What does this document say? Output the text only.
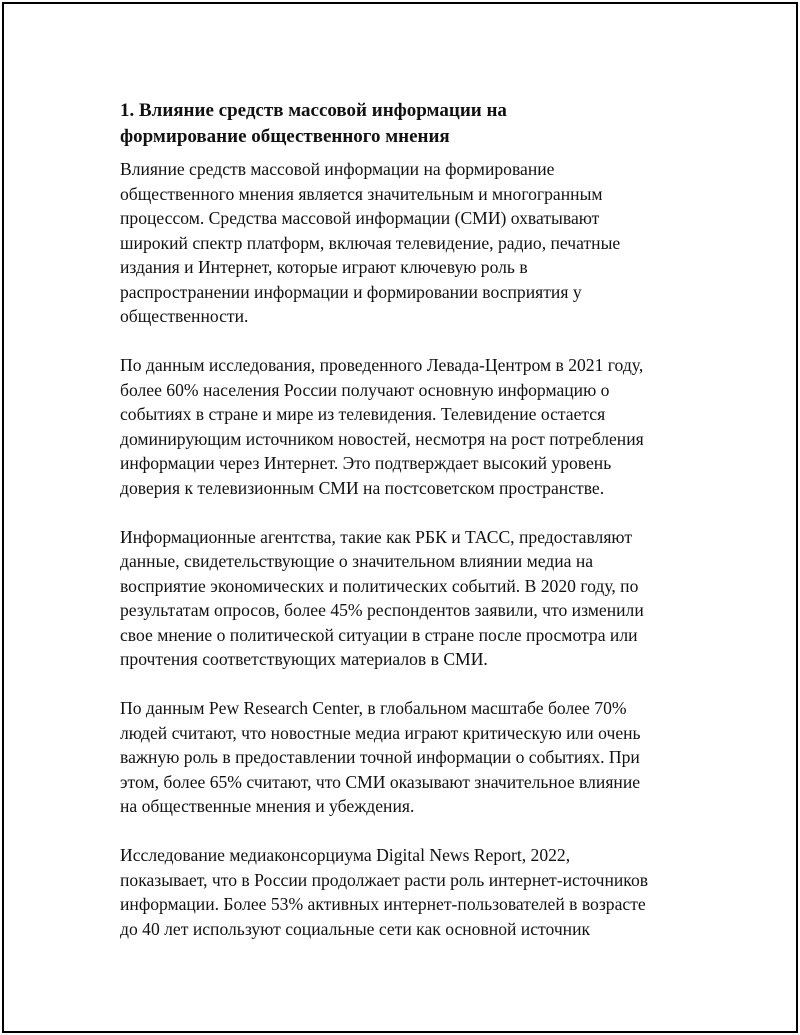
1. Влияние средств массовой информации на
формирование общественного мнения
Влияние средств массовой информации на формирование
общественного мнения является значительным и многогранным
процессом. Средства массовой информации (СМИ) охватывают
широкий спектр платформ, включая телевидение, радио, печатные
издания и Интернет, которые играют ключевую роль в
распространении информации и формировании восприятия у
общественности.
По данным исследования, проведенного Левада-Центром в 2021 году,
более 60% населения России получают основную информацию о
событиях в стране и мире из телевидения. Телевидение остается
доминирующим источником новостей, несмотря на рост потребления
информации через Интернет. Это подтверждает высокий уровень
доверия к телевизионным СМИ на постсоветском пространстве.
Информационные агентства, такие как РБК и ТАСС, предоставляют
данные, свидетельствующие о значительном влиянии медиа на
восприятие экономических и политических событий. В 2020 году, по
результатам опросов, более 45% респондентов заявили, что изменили
свое мнение о политической ситуации в стране после просмотра или
прочтения соответствующих материалов в СМИ.
По данным Pew Research Center, в глобальном масштабе более 70%
людей считают, что новостные медиа играют критическую или очень
важную роль в предоставлении точной информации о событиях. При
этом, более 65% считают, что СМИ оказывают значительное влияние
на общественные мнения и убеждения.
Исследование медиаконсорциума Digital News Report, 2022,
показывает, что в России продолжает расти роль интернет-источников
информации. Более 53% активных интернет-пользователей в возрасте
до 40 лет используют социальные сети как основной источник
